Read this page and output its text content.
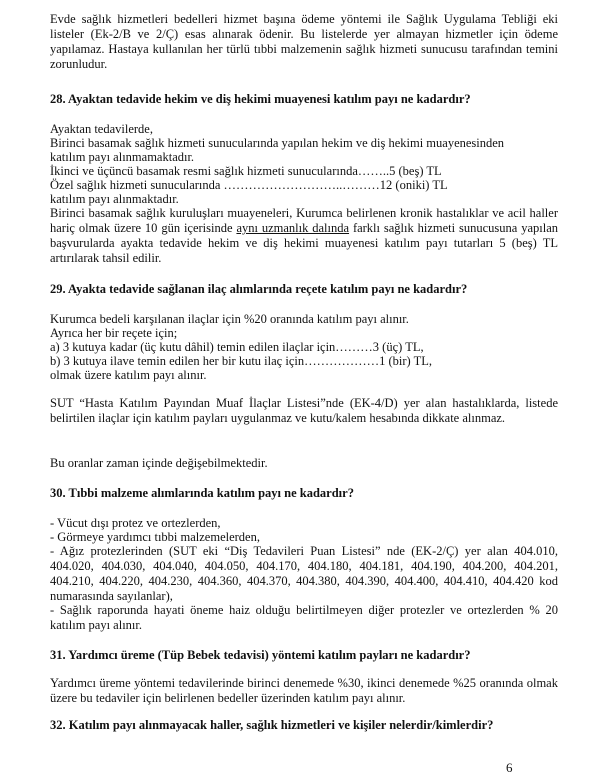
Evde sağlık hizmetleri bedelleri hizmet başına ödeme yöntemi ile Sağlık Uygulama Tebliği eki listeler (Ek-2/B ve 2/Ç) esas alınarak ödenir. Bu listelerde yer almayan hizmetler için ödeme yapılamaz. Hastaya kullanılan her türlü tıbbi malzemenin sağlık hizmeti sunucusu tarafından temini zorunludur.

28. Ayaktan tedavide hekim ve diş hekimi muayenesi katılım payı ne kadardır?

Ayaktan tedavilerde,

Birinci basamak sağlık hizmeti sunucularında yapılan hekim ve diş hekimi muayenesinden

katılım payı alınmamaktadır.

İkinci ve üçüncü basamak resmi sağlık hizmeti sunucularında……..5 (beş) TL

Özel sağlık hizmeti sunucularında ………………………..………12 (oniki) TL

katılım payı alınmaktadır.

Birinci basamak sağlık kuruluşları muayeneleri, Kurumca belirlenen kronik hastalıklar ve acil haller hariç olmak üzere 10 gün içerisinde aynı uzmanlık dalında farklı sağlık hizmeti sunucusuna yapılan başvurularda ayakta tedavide hekim ve diş hekimi muayenesi katılım payı tutarları 5 (beş) TL artırılarak tahsil edilir.

29. Ayakta tedavide sağlanan ilaç alımlarında reçete katılım payı ne kadardır?

Kurumca bedeli karşılanan ilaçlar için %20 oranında katılım payı alınır.

Ayrıca her bir reçete için;

a) 3 kutuya kadar (üç kutu dâhil) temin edilen ilaçlar için………3 (üç) TL,

b) 3 kutuya ilave temin edilen her bir kutu ilaç için………………1 (bir) TL,

olmak üzere katılım payı alınır.

SUT “Hasta Katılım Payından Muaf İlaçlar Listesi”nde (EK-4/D) yer alan hastalıklarda, listede belirtilen ilaçlar için katılım payları uygulanmaz ve kutu/kalem hesabında dikkate alınmaz.

Bu oranlar zaman içinde değişebilmektedir.

30. Tıbbi malzeme alımlarında katılım payı ne kadardır?

- Vücut dışı protez ve ortezlerden,

- Görmeye yardımcı tıbbi malzemelerden,

- Ağız protezlerinden (SUT eki “Diş Tedavileri Puan Listesi” nde (EK-2/Ç) yer alan 404.010, 404.020, 404.030, 404.040, 404.050, 404.170, 404.180, 404.181, 404.190, 404.200, 404.201, 404.210, 404.220, 404.230, 404.360, 404.370, 404.380, 404.390, 404.400, 404.410, 404.420 kod numarasında sayılanlar),

- Sağlık raporunda hayati öneme haiz olduğu belirtilmeyen diğer protezler ve ortezlerden % 20 katılım payı alınır.

31. Yardımcı üreme (Tüp Bebek tedavisi) yöntemi katılım payları ne kadardır?

Yardımcı üreme yöntemi tedavilerinde birinci denemede %30, ikinci denemede %25 oranında olmak üzere bu tedaviler için belirlenen bedeller üzerinden katılım payı alınır.

32. Katılım payı alınmayacak haller, sağlık hizmetleri ve kişiler nelerdir/kimlerdir?

6
